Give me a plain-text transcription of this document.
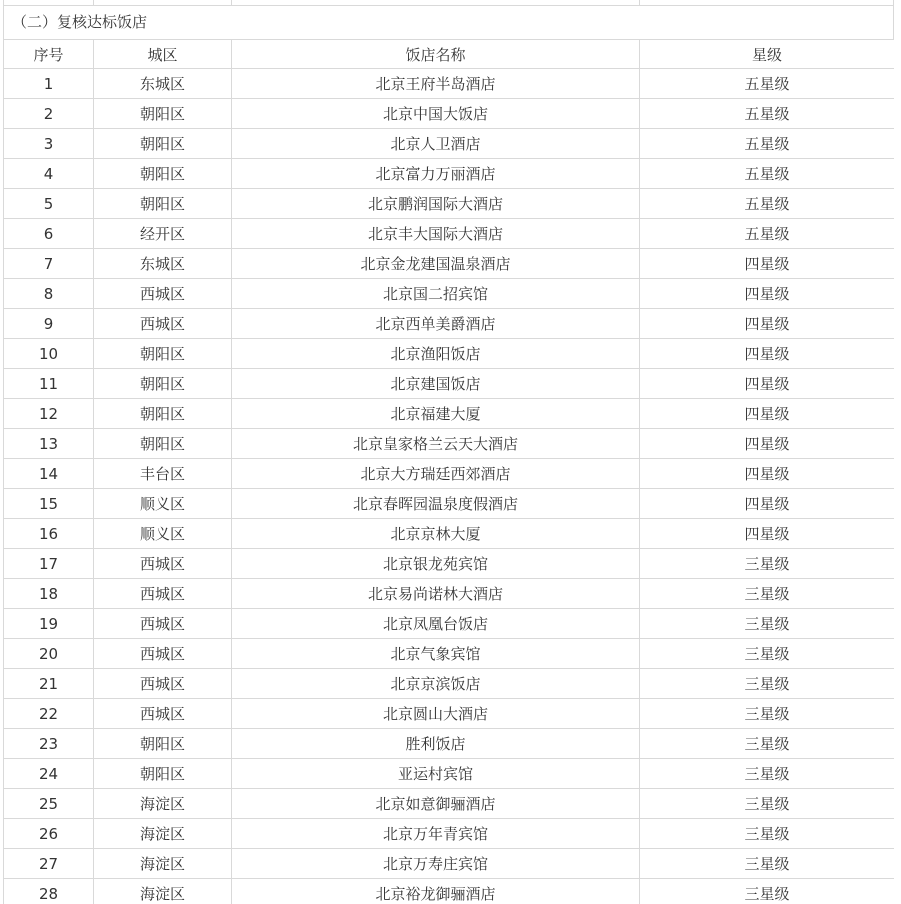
（二）复核达标饭店
序号	城区	饭店名称	星级
1	东城区	北京王府半岛酒店	五星级
2	朝阳区	北京中国大饭店	五星级
3	朝阳区	北京人卫酒店	五星级
4	朝阳区	北京富力万丽酒店	五星级
5	朝阳区	北京鹏润国际大酒店	五星级
6	经开区	北京丰大国际大酒店	五星级
7	东城区	北京金龙建国温泉酒店	四星级
8	西城区	北京国二招宾馆	四星级
9	西城区	北京西单美爵酒店	四星级
10	朝阳区	北京渔阳饭店	四星级
11	朝阳区	北京建国饭店	四星级
12	朝阳区	北京福建大厦	四星级
13	朝阳区	北京皇家格兰云天大酒店	四星级
14	丰台区	北京大方瑞廷西郊酒店	四星级
15	顺义区	北京春晖园温泉度假酒店	四星级
16	顺义区	北京京林大厦	四星级
17	西城区	北京银龙苑宾馆	三星级
18	西城区	北京易尚诺林大酒店	三星级
19	西城区	北京凤凰台饭店	三星级
20	西城区	北京气象宾馆	三星级
21	西城区	北京京滨饭店	三星级
22	西城区	北京圆山大酒店	三星级
23	朝阳区	胜利饭店	三星级
24	朝阳区	亚运村宾馆	三星级
25	海淀区	北京如意御骊酒店	三星级
26	海淀区	北京万年青宾馆	三星级
27	海淀区	北京万寿庄宾馆	三星级
28	海淀区	北京裕龙御骊酒店	三星级
